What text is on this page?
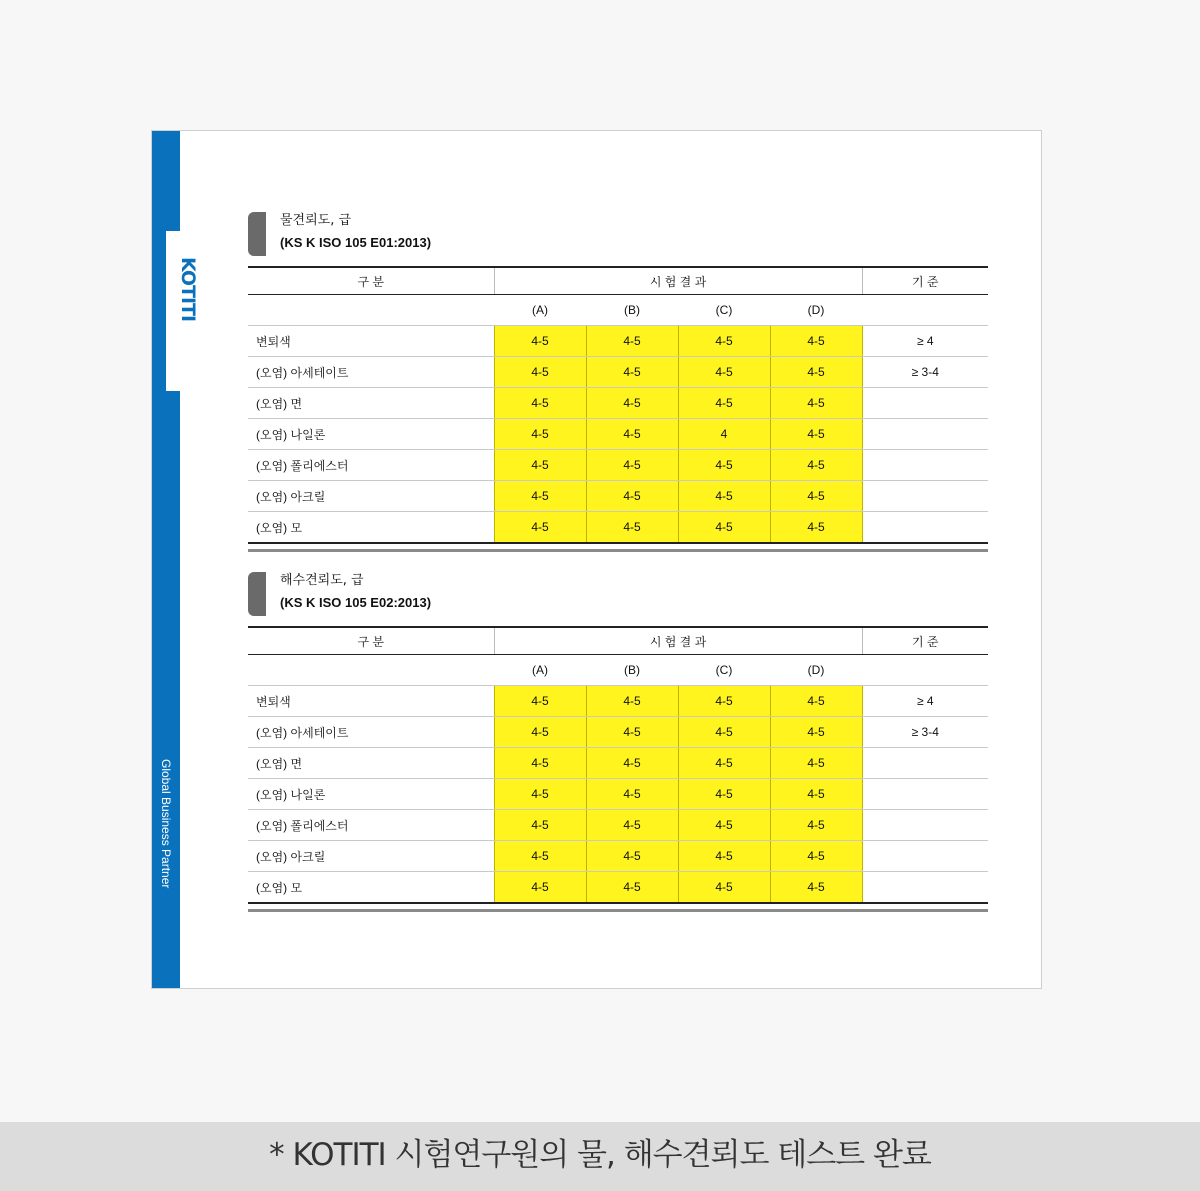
Global Business Partner
KOTITI
물견뢰도, 급
(KS K ISO 105 E01:2013)
구 분	시 험 결 과				기 준
	(A)	(B)	(C)	(D)	
변퇴색	4-5	4-5	4-5	4-5	≥ 4
(오염) 아세테이트	4-5	4-5	4-5	4-5	≥ 3-4
(오염) 면	4-5	4-5	4-5	4-5	
(오염) 나일론	4-5	4-5	4	4-5	
(오염) 폴리에스터	4-5	4-5	4-5	4-5	
(오염) 아크릴	4-5	4-5	4-5	4-5	
(오염) 모	4-5	4-5	4-5	4-5	
해수견뢰도, 급
(KS K ISO 105 E02:2013)
구 분	시 험 결 과				기 준
	(A)	(B)	(C)	(D)	
변퇴색	4-5	4-5	4-5	4-5	≥ 4
(오염) 아세테이트	4-5	4-5	4-5	4-5	≥ 3-4
(오염) 면	4-5	4-5	4-5	4-5	
(오염) 나일론	4-5	4-5	4-5	4-5	
(오염) 폴리에스터	4-5	4-5	4-5	4-5	
(오염) 아크릴	4-5	4-5	4-5	4-5	
(오염) 모	4-5	4-5	4-5	4-5	
* KOTITI 시험연구원의 물, 해수견뢰도 테스트 완료
